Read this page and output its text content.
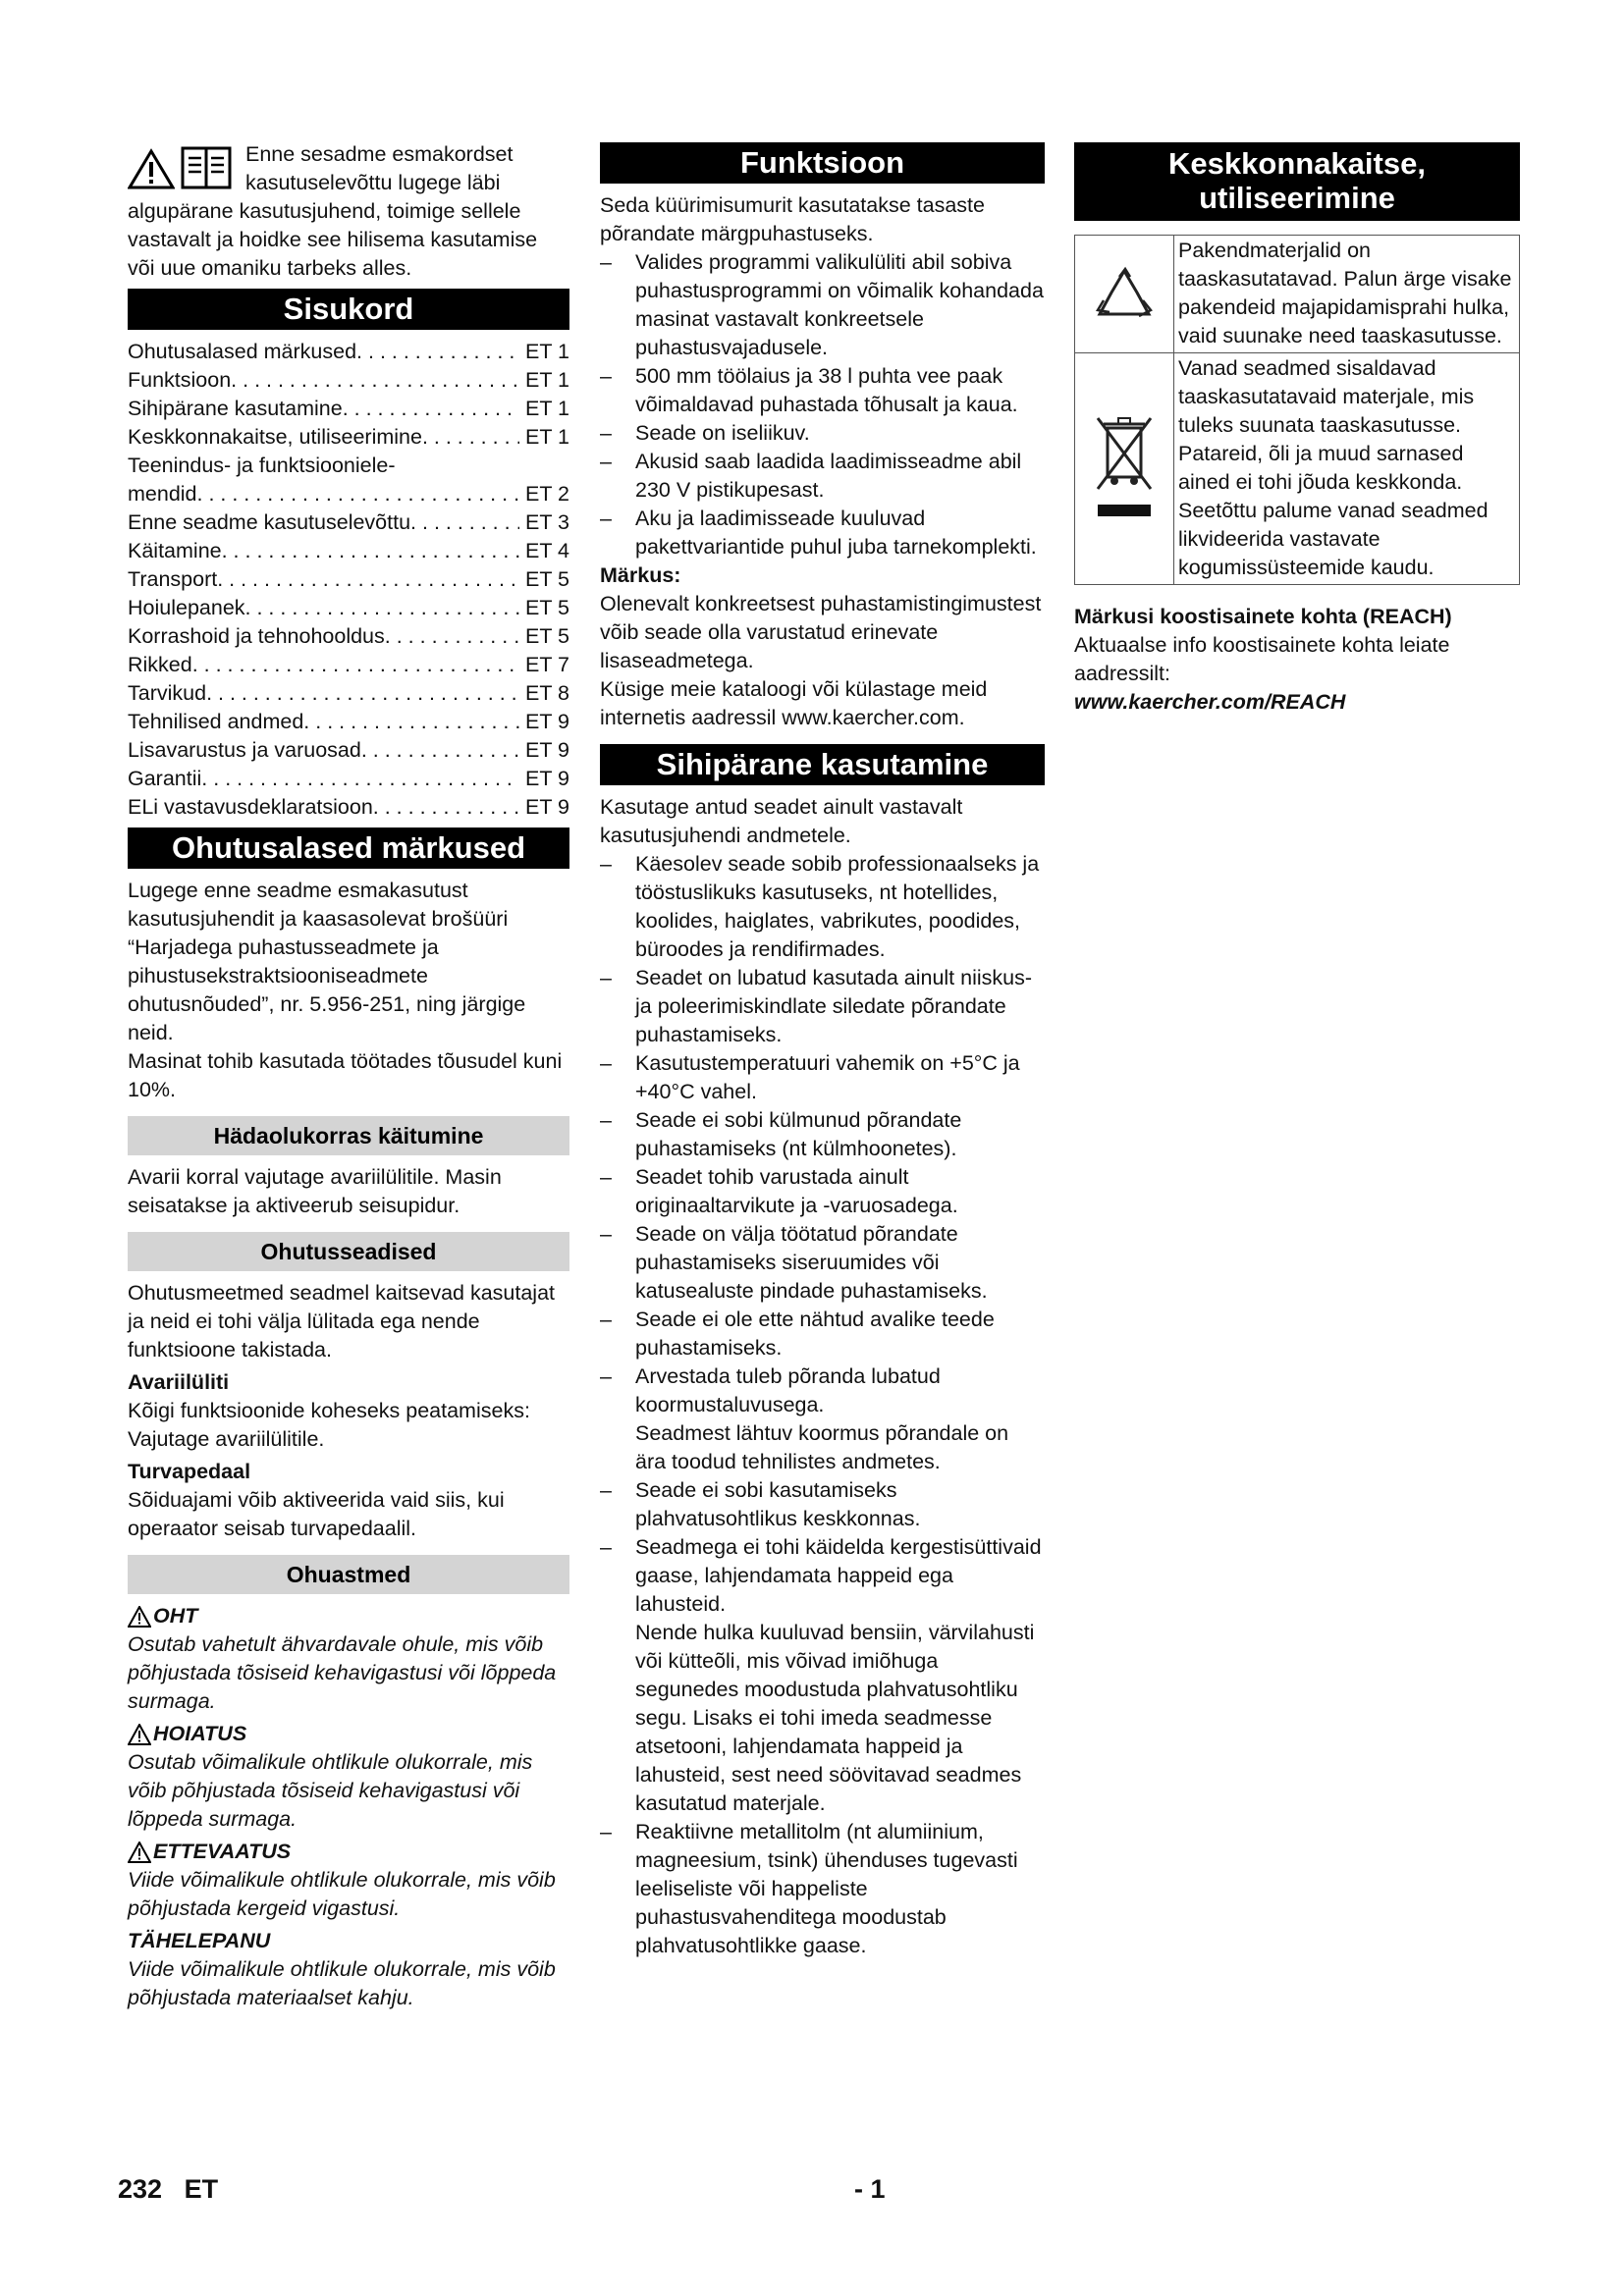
Enne sesadme esmakordset kasutuselevõttu lugege läbi algupärane kasutusjuhend, toimige sellele vastavalt ja hoidke see hilisema kasutamise või uue omaniku tarbeks alles.

Sisukord
Ohutusalased märkused . . .	ET 1
Funktsioon . . .	ET 1
Sihipärane kasutamine . . .	ET 1
Keskkonnakaitse, utiliseerimine . . .	ET 1
Teenindus- ja funktsiooniele-
mendid . . .	ET 2
Enne seadme kasutuselevõttu . . .	ET 3
Käitamine . . .	ET 4
Transport . . .	ET 5
Hoiulepanek . . .	ET 5
Korrashoid ja tehnohooldus . . .	ET 5
Rikked . . .	ET 7
Tarvikud . . .	ET 8
Tehnilised andmed . . .	ET 9
Lisavarustus ja varuosad . . .	ET 9
Garantii . . .	ET 9
ELi vastavusdeklaratsioon . . .	ET 9
Ohutusalased märkused

Lugege enne seadme esmakasutust kasutusjuhendit ja kaasasolevat brošüüri “Harjadega puhastusseadmete ja pihustusekstraktsiooniseadmete ohutusnõuded”, nr. 5.956-251, ning järgige neid.

Masinat tohib kasutada töötades tõusudel kuni 10%.

Hädaolukorras käitumine

Avarii korral vajutage avariilülitile. Masin seisatakse ja aktiveerub seisupidur.

Ohutusseadised

Ohutusmeetmed seadmel kaitsevad kasutajat ja neid ei tohi välja lülitada ega nende funktsioone takistada.

Avariilüliti

Kõigi funktsioonide koheseks peatamiseks: Vajutage avariilülitile.

Turvapedaal

Sõiduajami võib aktiveerida vaid siis, kui operaator seisab turvapedaalil.

Ohuastmed
OHT

Osutab vahetult ähvardavale ohule, mis võib põhjustada tõsiseid kehavigastusi või lõppeda surmaga.

HOIATUS

Osutab võimalikule ohtlikule olukorrale, mis võib põhjustada tõsiseid kehavigastusi või lõppeda surmaga.

ETTEVAATUS

Viide võimalikule ohtlikule olukorrale, mis võib põhjustada kergeid vigastusi.

TÄHELEPANU

Viide võimalikule ohtlikule olukorrale, mis võib põhjustada materiaalset kahju.

Funktsioon

Seda küürimisumurit kasutatakse tasaste põrandate märgpuhastuseks.

– Valides programmi valikulüliti abil sobiva puhastusprogrammi on võimalik kohandada masinat vastavalt konkreetsele puhastusvajadusele.
– 500 mm töölaius ja 38 l puhta vee paak võimaldavad puhastada tõhusalt ja kaua.
– Seade on iseliikuv.
– Akusid saab laadida laadimisseadme abil 230 V pistikupesast.
– Aku ja laadimisseade kuuluvad pakettvariantide puhul juba tarnekomplekti.

Märkus:

Olenevalt konkreetsest puhastamistingimustest võib seade olla varustatud erinevate lisaseadmetega.

Küsige meie kataloogi või külastage meid internetis aadressil www.kaercher.com.

Sihipärane kasutamine

Kasutage antud seadet ainult vastavalt kasutusjuhendi andmetele.

– Käesolev seade sobib professionaalseks ja tööstuslikuks kasutuseks, nt hotellides, koolides, haiglates, vabrikutes, poodides, büroodes ja rendifirmades.
– Seadet on lubatud kasutada ainult niiskus- ja poleerimiskindlate siledate põrandate puhastamiseks.
– Kasutustemperatuuri vahemik on +5°C ja +40°C vahel.
– Seade ei sobi külmunud põrandate puhastamiseks (nt külmhoonetes).
– Seadet tohib varustada ainult originaaltarvikute ja -varuosadega.
– Seade on välja töötatud põrandate puhastamiseks siseruumides või katusealuste pindade puhastamiseks.
– Seade ei ole ette nähtud avalike teede puhastamiseks.
– Arvestada tuleb põranda lubatud koormustaluvusega.
Seadmest lähtuv koormus põrandale on ära toodud tehnilistes andmetes.
– Seade ei sobi kasutamiseks plahvatusohtlikus keskkonnas.
– Seadmega ei tohi käidelda kergestisüttivaid gaase, lahjendamata happeid ega lahusteid.
Nende hulka kuuluvad bensiin, värvilahusti või kütteõli, mis võivad imiõhuga segunedes moodustuda plahvatusohtliku segu. Lisaks ei tohi imeda seadmesse atsetooni, lahjendamata happeid ja lahusteid, sest need söövitavad seadmes kasutatud materjale.
– Reaktiivne metallitolm (nt alumiinium, magneesium, tsink) ühenduses tugevasti leeliseliste või happeliste puhastusvahenditega moodustab plahvatusohtlikke gaase.
Keskkonnakaitse, utiliseerimine
Pakendmaterjalid on taaskasutatavad. Palun ärge visake pakendeid majapidamisprahi hulka, vaid suunake need taaskasutusse.
Vanad seadmed sisaldavad taaskasutatavaid materjale, mis tuleks suunata taaskasutusse. Patareid, õli ja muud sarnased ained ei tohi jõuda keskkonda. Seetõttu palume vanad seadmed likvideerida vastavate kogumissüsteemide kaudu.

Märkusi koostisainete kohta (REACH)

Aktuaalse info koostisainete kohta leiate aadressilt:

www.kaercher.com/REACH

232 ET	- 1
